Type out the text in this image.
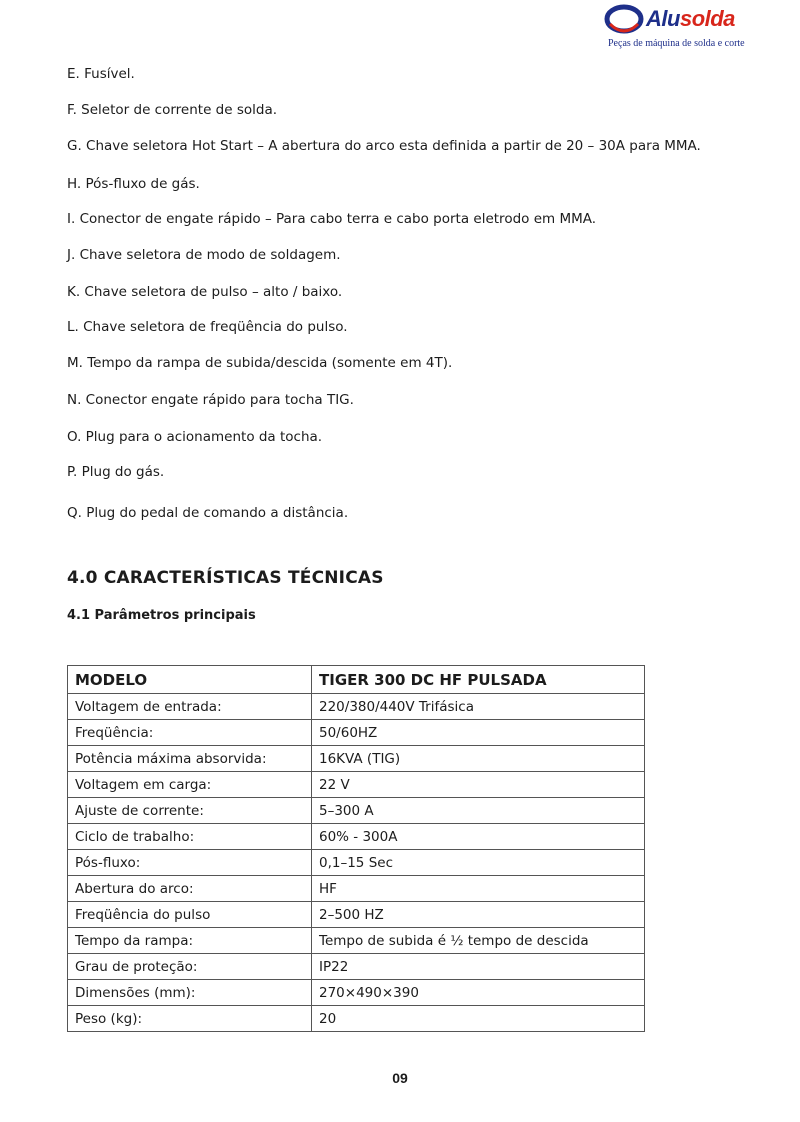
Alusolda
Peças de máquina de solda e corte

E. Fusível.

F. Seletor de corrente de solda.

G. Chave seletora Hot Start – A abertura do arco esta definida a partir de 20 – 30A para MMA.

H. Pós-fluxo de gás.

I. Conector de engate rápido – Para cabo terra e cabo porta eletrodo em MMA.

J. Chave seletora de modo de soldagem.

K. Chave seletora de pulso – alto / baixo.

L. Chave seletora de freqüência do pulso.

M. Tempo da rampa de subida/descida (somente em 4T).

N. Conector engate rápido para tocha TIG.

O. Plug para o acionamento da tocha.

P. Plug do gás.

Q. Plug do pedal de comando a distância.

4.0 CARACTERÍSTICAS TÉCNICAS
4.1 Parâmetros principais
MODELO	TIGER 300 DC HF PULSADA
Voltagem de entrada:	220/380/440V Trifásica
Freqüência:	50/60HZ
Potência máxima absorvida:	16KVA (TIG)
Voltagem em carga:	22 V
Ajuste de corrente:	5–300 A
Ciclo de trabalho:	60% - 300A
Pós-fluxo:	0,1–15 Sec
Abertura do arco:	HF
Freqüência do pulso	2–500 HZ
Tempo da rampa:	Tempo de subida é ½ tempo de descida
Grau de proteção:	IP22
Dimensões (mm):	270×490×390
Peso (kg):	20
09
